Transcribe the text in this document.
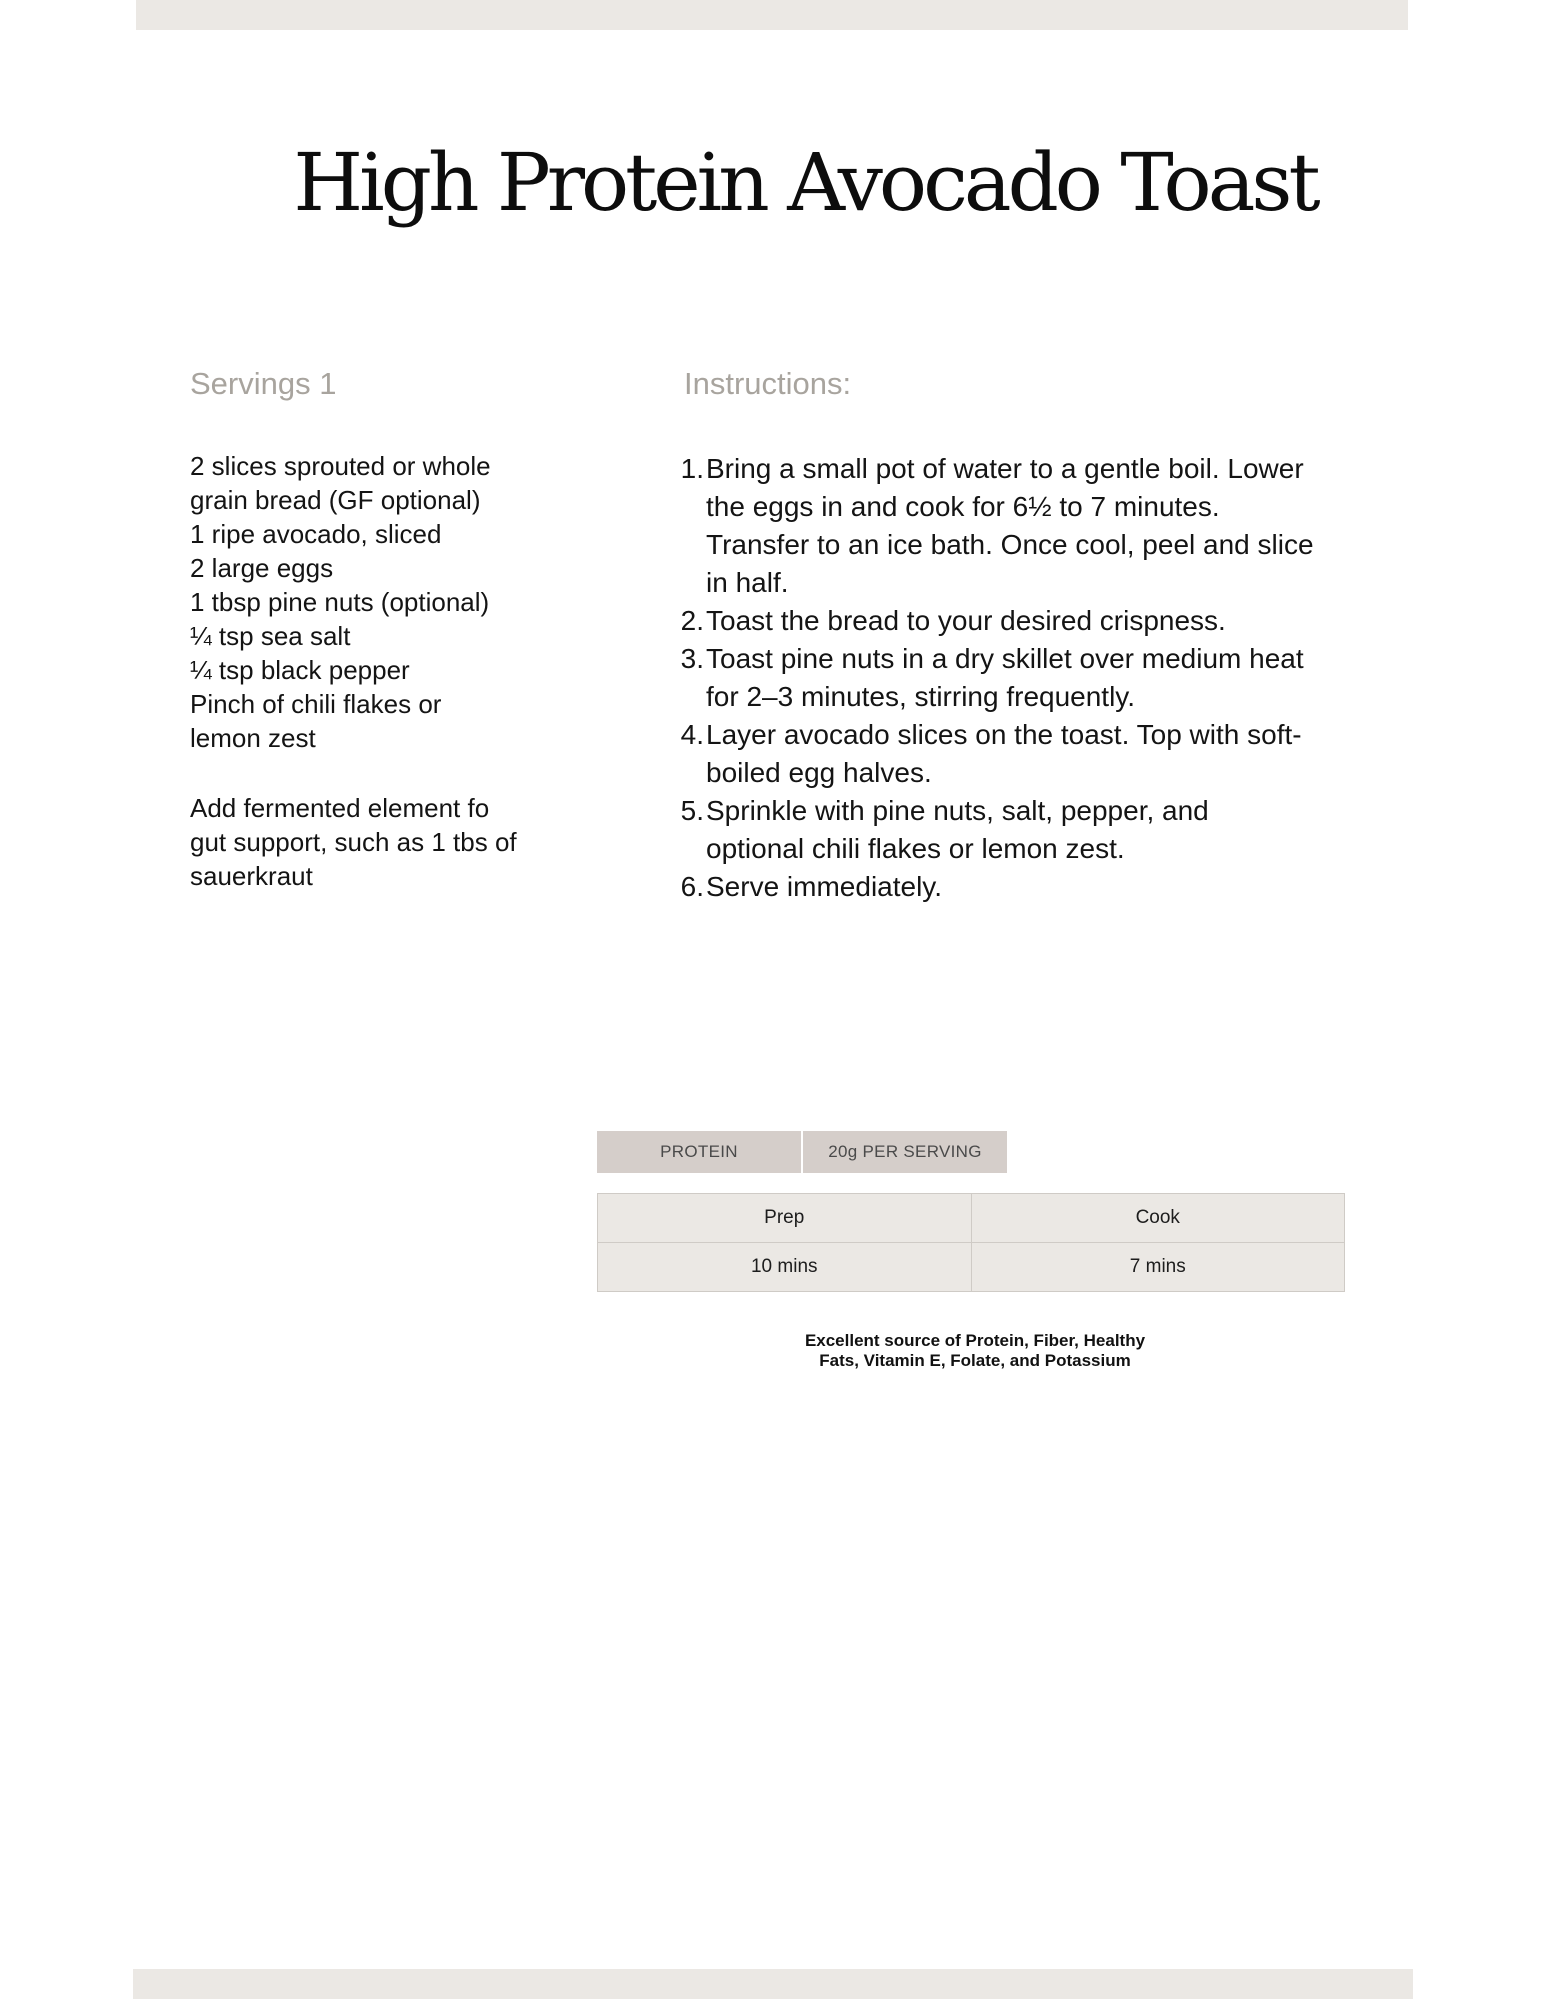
High Protein Avocado Toast
Servings 1	Instructions:
2 slices sprouted or whole
grain bread (GF optional)
1 ripe avocado, sliced
2 large eggs
1 tbsp pine nuts (optional)
¼ tsp sea salt
¼ tsp black pepper
Pinch of chili flakes or
lemon zest

Add fermented element fo
gut support, such as 1 tbs of
sauerkraut

1. Bring a small pot of water to a gentle boil. Lower
the eggs in and cook for 6½ to 7 minutes.
Transfer to an ice bath. Once cool, peel and slice
in half.
2. Toast the bread to your desired crispness.
3. Toast pine nuts in a dry skillet over medium heat
for 2–3 minutes, stirring frequently.
4. Layer avocado slices on the toast. Top with soft-
boiled egg halves.
5. Sprinkle with pine nuts, salt, pepper, and
optional chili flakes or lemon zest.
6. Serve immediately.
PROTEIN	20g PER SERVING
Prep	Cook
10 mins	7 mins

Excellent source of Protein, Fiber, Healthy
Fats, Vitamin E, Folate, and Potassium
